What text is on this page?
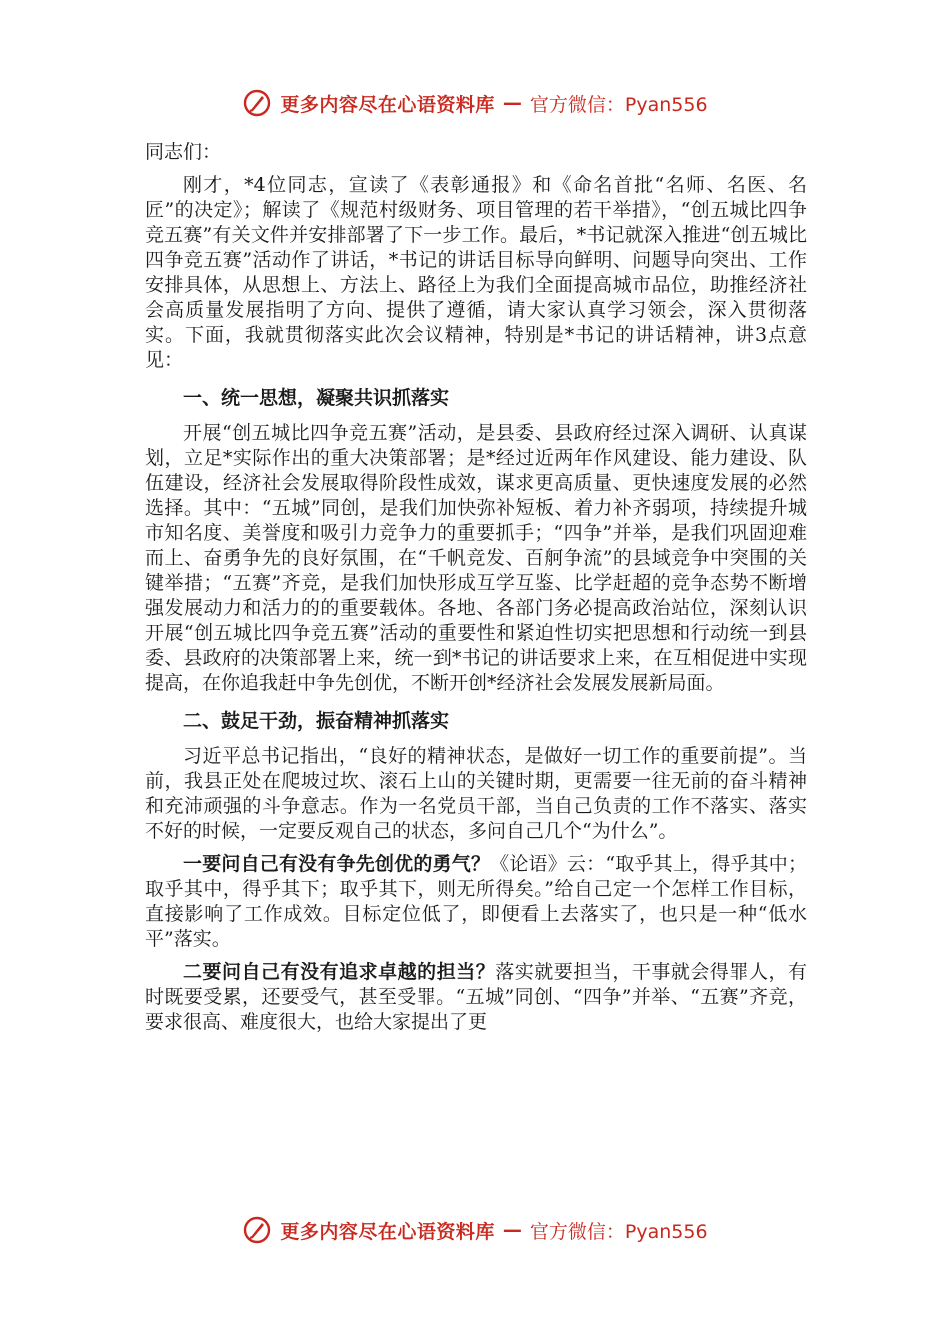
更多内容尽在心语资料库 — 官方微信：Pyan556

同志们：

刚才，*4位同志，宣读了《表彰通报》和《命名首批“名师、名医、名匠”的决定》；解读了《规范村级财务、项目管理的若干举措》，“创五城比四争竞五赛”有关文件并安排部署了下一步工作。最后，*书记就深入推进“创五城比四争竞五赛”活动作了讲话，*书记的讲话目标导向鲜明、问题导向突出、工作安排具体，从思想上、方法上、路径上为我们全面提高城市品位，助推经济社会高质量发展指明了方向、提供了遵循，请大家认真学习领会，深入贯彻落实。下面，我就贯彻落实此次会议精神，特别是*书记的讲话精神，讲3点意见：

一、统一思想，凝聚共识抓落实

开展“创五城比四争竞五赛”活动，是县委、县政府经过深入调研、认真谋划，立足*实际作出的重大决策部署；是*经过近两年作风建设、能力建设、队伍建设，经济社会发展取得阶段性成效，谋求更高质量、更快速度发展的必然选择。其中：“五城”同创，是我们加快弥补短板、着力补齐弱项，持续提升城市知名度、美誉度和吸引力竞争力的重要抓手；“四争”并举，是我们巩固迎难而上、奋勇争先的良好氛围，在“千帆竞发、百舸争流”的县域竞争中突围的关键举措；“五赛”齐竞，是我们加快形成互学互鉴、比学赶超的竞争态势不断增强发展动力和活力的的重要载体。各地、各部门务必提高政治站位，深刻认识开展“创五城比四争竞五赛”活动的重要性和紧迫性切实把思想和行动统一到县委、县政府的决策部署上来，统一到*书记的讲话要求上来，在互相促进中实现提高，在你追我赶中争先创优，不断开创*经济社会发展发展新局面。

二、鼓足干劲，振奋精神抓落实

习近平总书记指出，“良好的精神状态，是做好一切工作的重要前提”。当前，我县正处在爬坡过坎、滚石上山的关键时期，更需要一往无前的奋斗精神和充沛顽强的斗争意志。作为一名党员干部，当自己负责的工作不落实、落实不好的时候，一定要反观自己的状态，多问自己几个“为什么”。

一要问自己有没有争先创优的勇气？《论语》云：“取乎其上，得乎其中；取乎其中，得乎其下；取乎其下，则无所得矣。”给自己定一个怎样工作目标，直接影响了工作成效。目标定位低了，即便看上去落实了，也只是一种“低水平”落实。

二要问自己有没有追求卓越的担当？落实就要担当，干事就会得罪人，有时既要受累，还要受气，甚至受罪。“五城”同创、“四争”并举、“五赛”齐竞，要求很高、难度很大，也给大家提出了更

更多内容尽在心语资料库 — 官方微信：Pyan556
